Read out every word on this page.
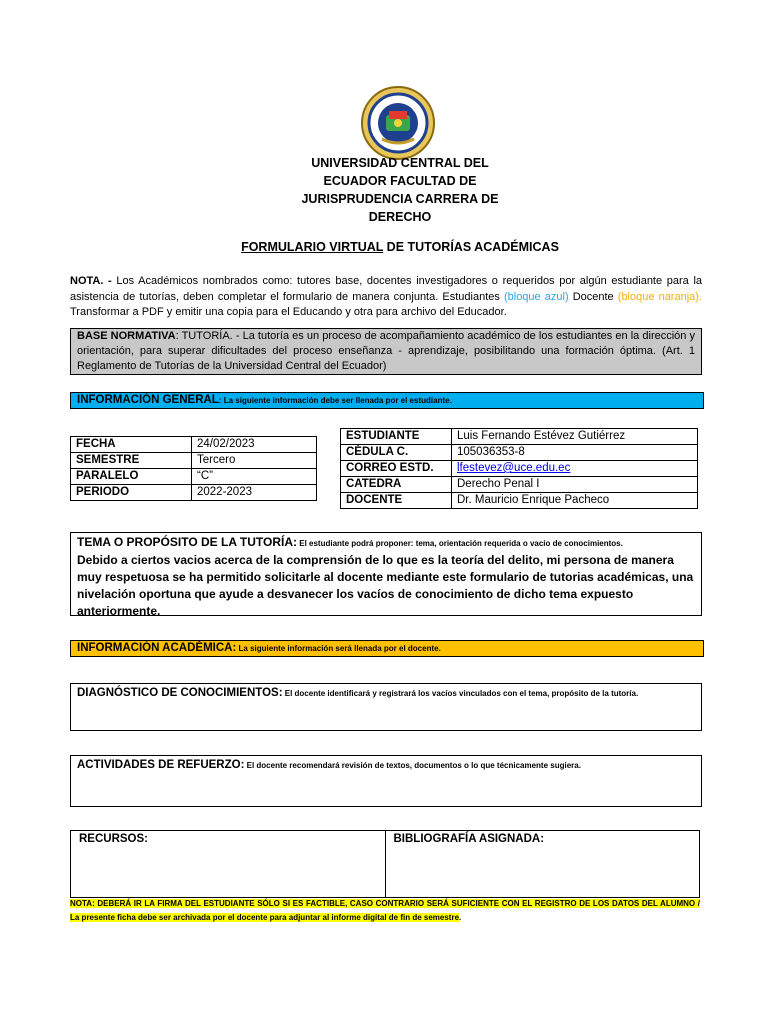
UNIVERSIDAD CENTRAL DEL
ECUADOR FACULTAD DE
JURISPRUDENCIA CARRERA DE
DERECHO
FORMULARIO VIRTUAL DE TUTORÍAS ACADÉMICAS
NOTA. - Los Académicos nombrados como: tutores base, docentes investigadores o requeridos por algún estudiante para la asistencia de tutorías, deben completar el formulario de manera conjunta. Estudiantes (bloque azul) Docente (bloque naranja). Transformar a PDF y emitir una copia para el Educando y otra para archivo del Educador.
BASE NORMATIVA: TUTORÍA. - La tutoría es un proceso de acompañamiento académico de los estudiantes en la dirección y orientación, para superar dificultades del proceso enseñanza - aprendizaje, posibilitando una formación óptima. (Art. 1 Reglamento de Tutorías de la Universidad Central del Ecuador)
INFORMACIÓN GENERAL: La siguiente información debe ser llenada por el estudiante.
FECHA	24/02/2023
SEMESTRE	Tercero
PARALELO	“C”
PERIODO	2022-2023
ESTUDIANTE	Luis Fernando Estévez Gutiérrez
CÉDULA C.	105036353-8
CORREO ESTD.	lfestevez@uce.edu.ec
CATEDRA	Derecho Penal I
DOCENTE	Dr. Mauricio Enrique Pacheco
TEMA O PROPÓSITO DE LA TUTORÍA: El estudiante podrá proponer: tema, orientación requerida o vacío de conocimientos.
Debido a ciertos vacios acerca de la comprensión de lo que es la teoría del delito, mi persona de manera muy respetuosa se ha permitido solicitarle al docente mediante este formulario de tutorias académicas, una nivelación oportuna que ayude a desvanecer los vacíos de conocimiento de dicho tema expuesto anteriormente.
INFORMACIÓN ACADÉMICA: La siguiente información será llenada por el docente.
DIAGNÓSTICO DE CONOCIMIENTOS: El docente identificará y registrará los vacíos vinculados con el tema, propósito de la tutoría.
ACTIVIDADES DE REFUERZO: El docente recomendará revisión de textos, documentos o lo que técnicamente sugiera.
RECURSOS:	BIBLIOGRAFÍA ASIGNADA:
NOTA: DEBERÁ IR LA FIRMA DEL ESTUDIANTE SÓLO SI ES FACTIBLE, CASO CONTRARIO SERÁ SUFICIENTE CON EL REGISTRO DE LOS DATOS DEL ALUMNO / La presente ficha debe ser archivada por el docente para adjuntar al informe digital de fin de semestre.
